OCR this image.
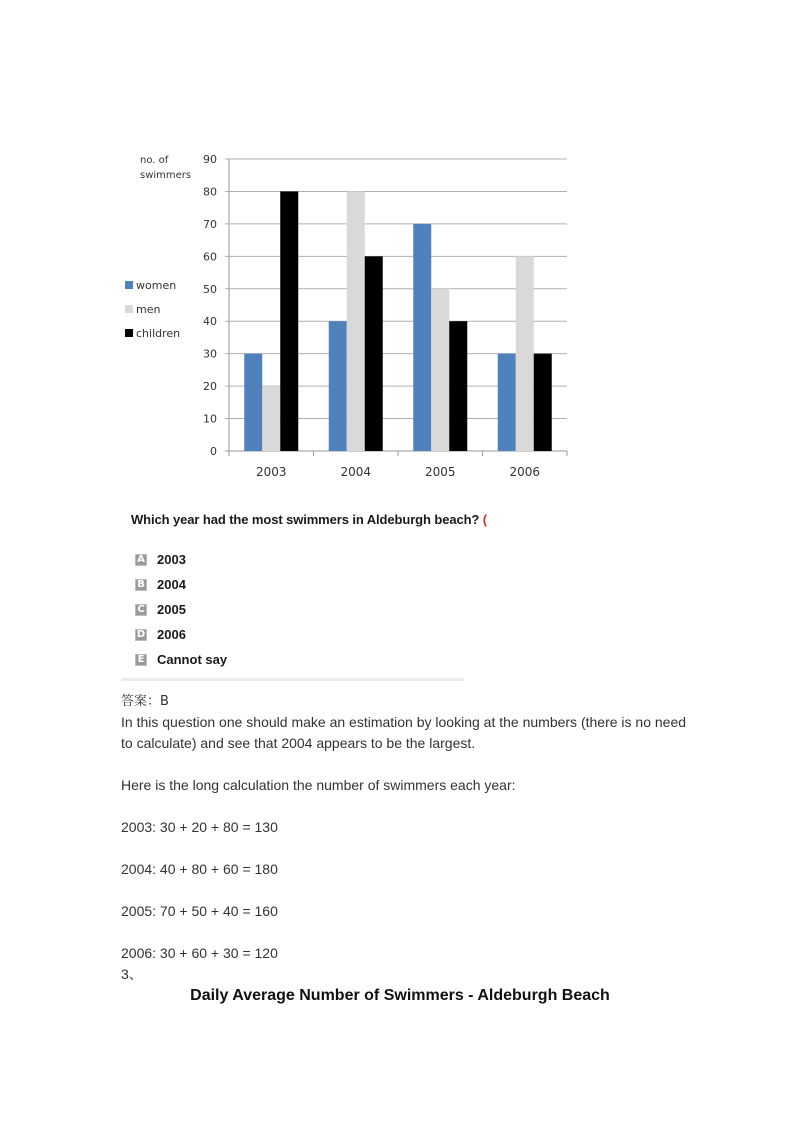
0
10
20
30
40
50
60
70
80
90
2003	2004	2005	2006
no. of
swimmers
women
men
children
Which year had the most swimmers in Aldeburgh beach? (
A 2003
B 2004
C 2005
D 2006
E Cannot say

答案：B

In this question one should make an estimation by looking at the numbers (there is no need to calculate) and see that 2004 appears to be the largest.

Here is the long calculation the number of swimmers each year:

2003: 30 + 20 + 80 = 130

2004: 40 + 80 + 60 = 180

2005: 70 + 50 + 40 = 160

2006: 30 + 60 + 30 = 120

3、

Daily Average Number of Swimmers - Aldeburgh Beach
